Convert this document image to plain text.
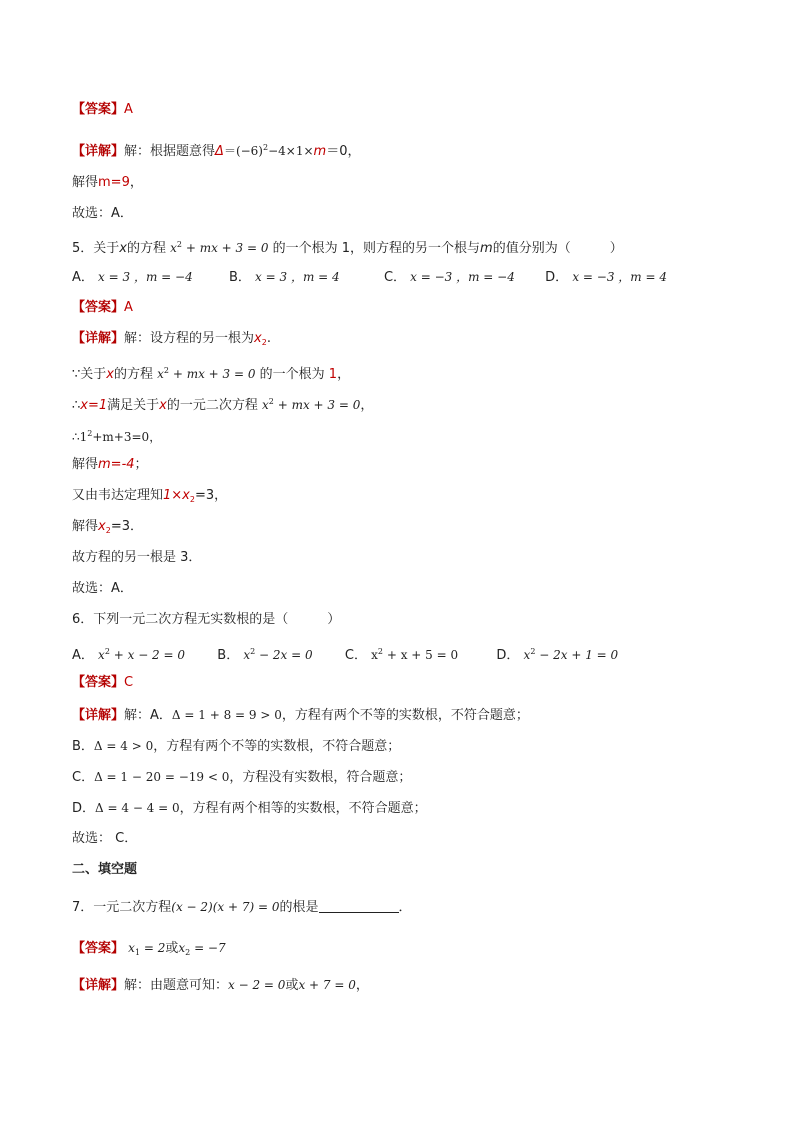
【答案】A
【详解】解：根据题意得$\Delta=(-6)^2-4\times 1\times m=0$，
解得m=9，
故选：A．
5．关于x的方程 $x^2$ + mx + 3 = 0 的一个根为 1，则方程的另一个根与m的值分别为（　　　）
A． x = 3 ，m = −4	B． x = 3 ，m = 4	C． x = −3 ，m = −4 D． x = −3 ，m = 4
【答案】A
【详解】解：设方程的另一根为$x_2$.
∵关于x的方程 $x^2$ + mx + 3 = 0 的一个根为 1，
∴x=1满足关于x的一元二次方程 $x^2$ + mx + 3 = 0，
$\therefore 1^2+m+3=0$，
解得m=-4；
又由韦达定理知$1\times x_2=3$，
解得$x_2=3$．
故方程的另一根是 3．
故选：A．
6．下列一元二次方程无实数根的是（　　　）
A． $x^2 + x - 2 = 0$ B． $x^2 - 2x = 0$ C． $x^2 + x + 5 = 0$	D． $x^2 - 2x + 1 = 0$
【答案】C
【详解】解：A．Δ = 1 + 8 = 9 > 0，方程有两个不等的实数根，不符合题意；
B．Δ = 4 > 0，方程有两个不等的实数根，不符合题意；
C．Δ = 1 − 20 = −19 < 0，方程没有实数根，符合题意；
D．Δ = 4 − 4 = 0，方程有两个相等的实数根，不符合题意；
故选： C．
二、填空题
7．一元二次方程(x − 2)(x + 7) = 0的根是	．
【答案】 $x_1 = 2$或$x_2 = -7$
【详解】解：由题意可知：x − 2 = 0或x + 7 = 0，
